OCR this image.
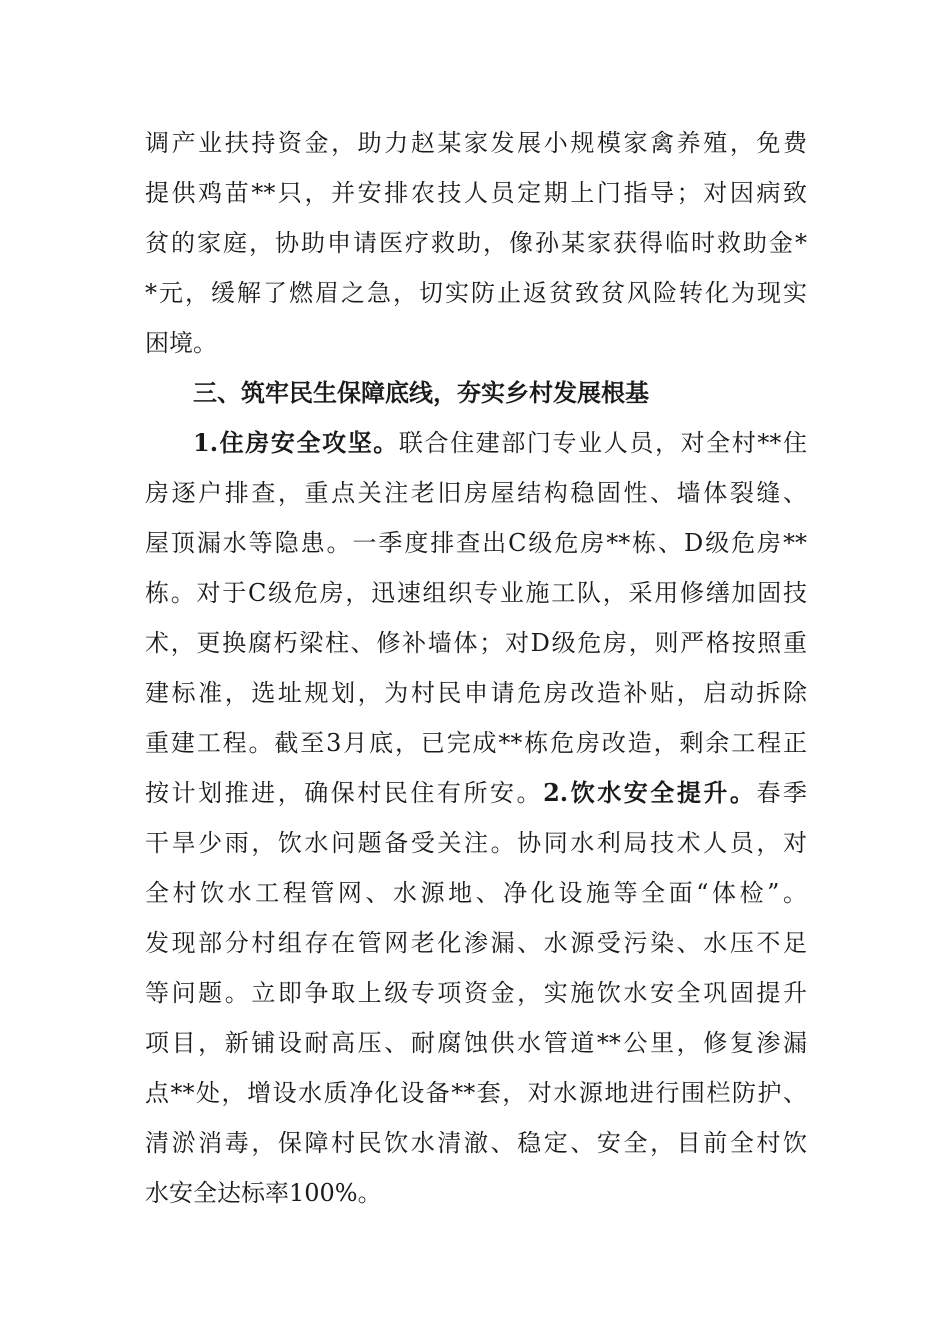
调产业扶持资金，助力赵某家发展小规模家禽养殖，免费
提供鸡苗**只，并安排农技人员定期上门指导；对因病致
贫的家庭，协助申请医疗救助，像孙某家获得临时救助金*
*元，缓解了燃眉之急，切实防止返贫致贫风险转化为现实
困境。
三、筑牢民生保障底线，夯实乡村发展根基
1.住房安全攻坚。联合住建部门专业人员，对全村**住
房逐户排查，重点关注老旧房屋结构稳固性、墙体裂缝、
屋顶漏水等隐患。一季度排查出C级危房**栋、D级危房**
栋。对于C级危房，迅速组织专业施工队，采用修缮加固技
术，更换腐朽梁柱、修补墙体；对D级危房，则严格按照重
建标准，选址规划，为村民申请危房改造补贴，启动拆除
重建工程。截至3月底，已完成**栋危房改造，剩余工程正
按计划推进，确保村民住有所安。2.饮水安全提升。春季
干旱少雨，饮水问题备受关注。协同水利局技术人员，对
全村饮水工程管网、水源地、净化设施等全面“体检”。
发现部分村组存在管网老化渗漏、水源受污染、水压不足
等问题。立即争取上级专项资金，实施饮水安全巩固提升
项目，新铺设耐高压、耐腐蚀供水管道**公里，修复渗漏
点**处，增设水质净化设备**套，对水源地进行围栏防护、
清淤消毒，保障村民饮水清澈、稳定、安全，目前全村饮
水安全达标率100%。
